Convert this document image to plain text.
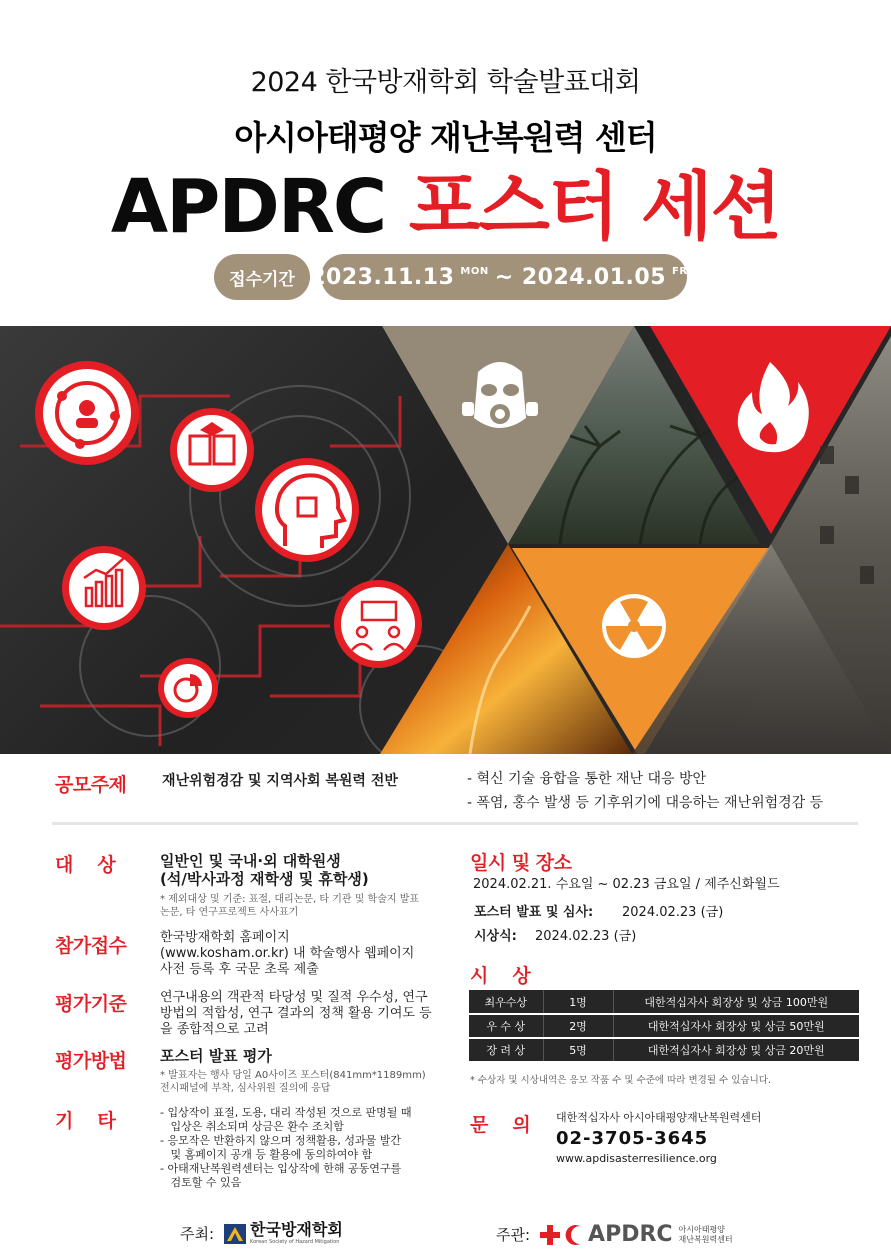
2024 한국방재학회 학술발표대회
아시아태평양 재난복원력 센터
APDRC 포스터 세션
접수기간 2023.11.13 $^{MON}$ ~
2024.01.05 $^{FRI}$
공모주제	재난위험경감 및 지역사회 복원력 전반	- 혁신 기술 융합을 통한 재난 대응 방안
- 폭염, 홍수 발생 등 기후위기에 대응하는 재난위험경감 등
대    상	일반인 및 국내·외 대학원생
(석/박사과정 재학생 및 휴학생)
* 제외대상 및 기준: 표절, 대리논문, 타 기관 및 학술지 발표
논문, 타 연구프로젝트 사사표기
참가접수	한국방재학회 홈페이지
(www.kosham.or.kr) 내 학술행사 웹페이지
사전 등록 후 국문 초록 제출
평가기준	연구내용의 객관적 타당성 및 질적 우수성, 연구
방법의 적합성, 연구 결과의 정책 활용 기여도 등
을 종합적으로 고려
평가방법 포스터 발표 평가
* 발표자는 행사 당일 A0사이즈 포스터(841mm*1189mm)
전시패널에 부착, 심사위원 질의에 응답
기    타	- 입상작이 표절, 도용, 대리 작성된 것으로 판명될 때
입상은 취소되며 상금은 환수 조치함
- 응모작은 반환하지 않으며 정책활용, 성과물 발간
및 홈페이지 공개 등 활용에 동의하여야 함
- 아태재난복원력센터는 입상작에 한해 공동연구를
검토할 수 있음
일시 및 장소
2024.02.21. 수요일 ~ 02.23 금요일 / 제주신화월드
포스터 발표 및 심사: 2024.02.23 (금)
시상식: 2024.02.23 (금)
시    상
최우수상	1명	대한적십자사 회장상 및 상금 100만원
우 수 상	2명	대한적십자사 회장상 및 상금 50만원
장 려 상	5명	대한적십자사 회장상 및 상금 20만원
* 수상자 및 시상내역은 응모 작품 수 및 수준에 따라 변경될 수 있습니다.
문    의 대한적십자사 아시아태평양재난복원력센터
02-3705-3645
www.apdisasterresilience.org
주최: 한국방재학회
Korean Society of Hazard Mitigation	주관:	APDRC 아시아태평양
재난복원력센터
